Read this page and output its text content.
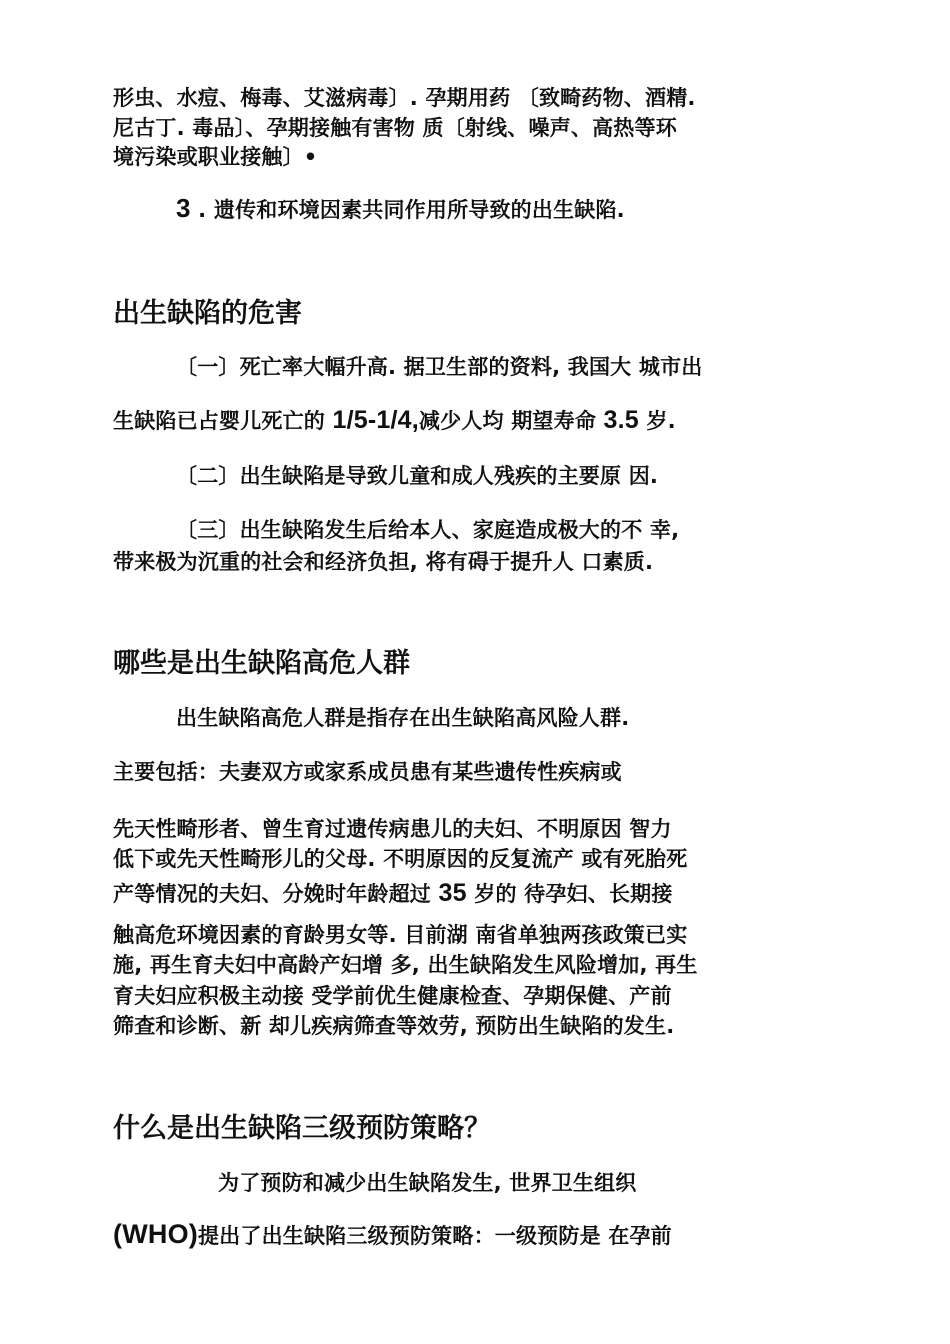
形虫、水痘、梅毒、艾滋病毒〕. 孕期用药 〔致畸药物、酒精.
尼古丁. 毒品〕、孕期接触有害物 质〔射线、噪声、高热等环
境污染或职业接触〕•
3 . 遗传和环境因素共同作用所导致的出生缺陷.
出生缺陷的危害
〔一〕死亡率大幅升高. 据卫生部的资料, 我国大 城市出
生缺陷已占婴儿死亡的 1/5-1/4,减少人均 期望寿命 3.5 岁.
〔二〕出生缺陷是导致儿童和成人残疾的主要原 因.
〔三〕出生缺陷发生后给本人、家庭造成极大的不 幸,
带来极为沉重的社会和经济负担, 将有碍于提升人 口素质.
哪些是出生缺陷高危人群
出生缺陷高危人群是指存在出生缺陷高风险人群.
主要包括：夫妻双方或家系成员患有某些遗传性疾病或
先天性畸形者、曾生育过遗传病患儿的夫妇、不明原因 智力
低下或先天性畸形儿的父母. 不明原因的反复流产 或有死胎死
产等情况的夫妇、分娩时年龄超过 35 岁的 待孕妇、长期接
触高危环境因素的育龄男女等. 目前湖 南省单独两孩政策已实
施, 再生育夫妇中高龄产妇增 多, 出生缺陷发生风险增加, 再生
育夫妇应积极主动接 受学前优生健康检查、孕期保健、产前
筛查和诊断、新 却儿疾病筛查等效劳, 预防出生缺陷的发生.
什么是出生缺陷三级预防策略？
为了预防和减少出生缺陷发生, 世界卫生组织
(WHO)提出了出生缺陷三级预防策略：一级预防是 在孕前
